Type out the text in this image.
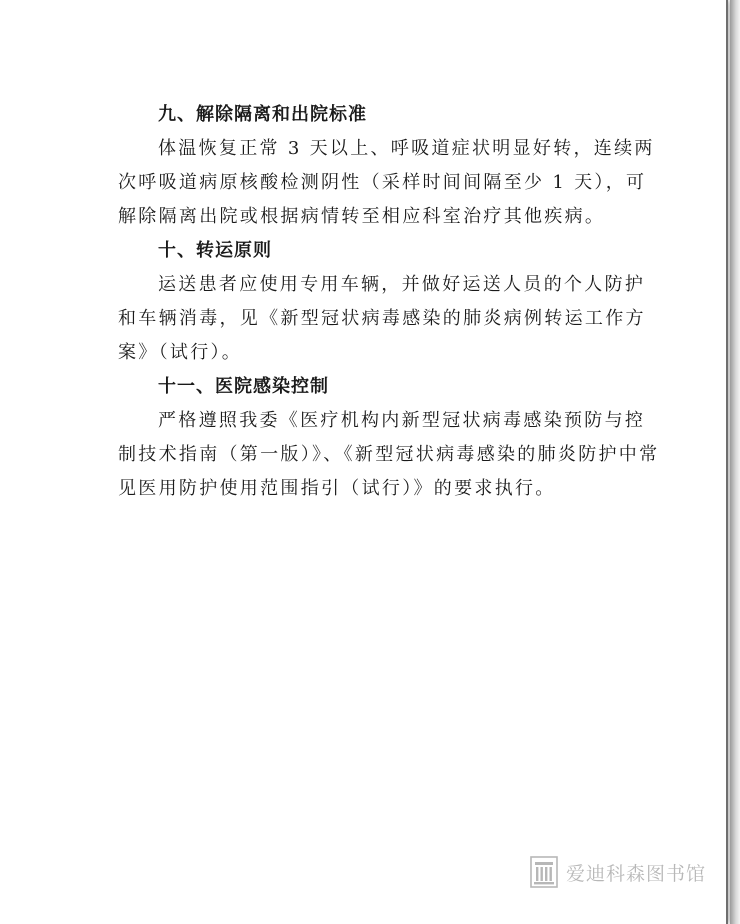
九、解除隔离和出院标准
体温恢复正常 3 天以上、呼吸道症状明显好转，连续两
次呼吸道病原核酸检测阴性（采样时间间隔至少 1 天），可
解除隔离出院或根据病情转至相应科室治疗其他疾病。
十、转运原则
运送患者应使用专用车辆，并做好运送人员的个人防护
和车辆消毒，见《新型冠状病毒感染的肺炎病例转运工作方
案》（试行）。
十一、医院感染控制
严格遵照我委《医疗机构内新型冠状病毒感染预防与控
制技术指南（第一版）》、《新型冠状病毒感染的肺炎防护中常
见医用防护使用范围指引（试行）》的要求执行。
爱迪科森图书馆
